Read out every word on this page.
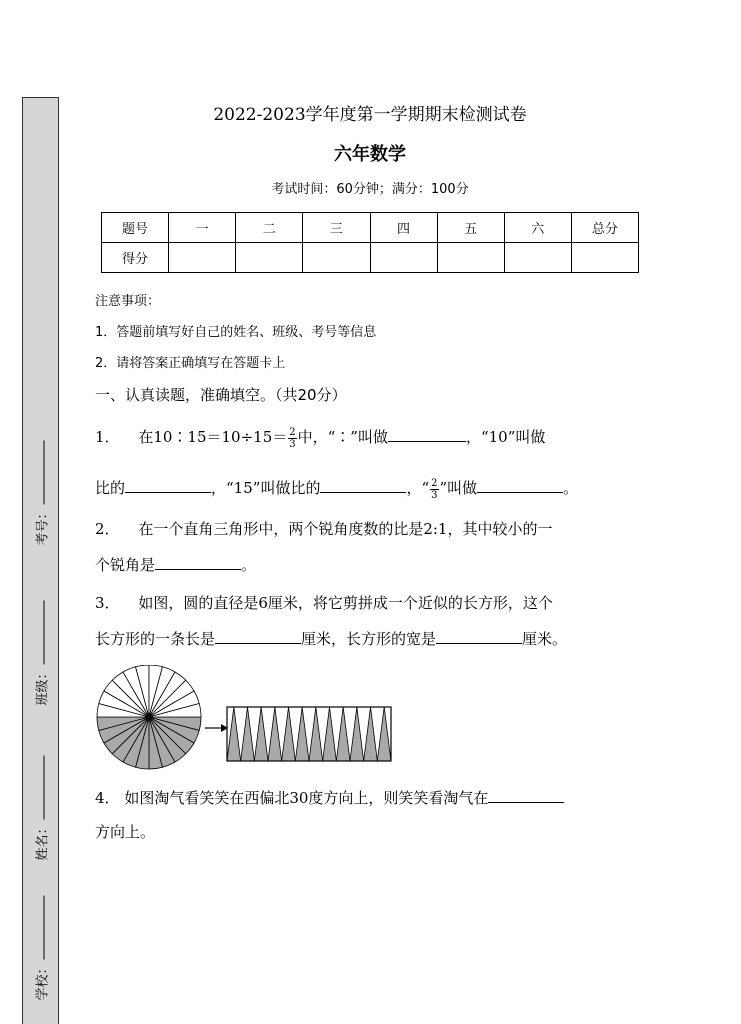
学校：
姓名：
班级：
考号：
2022-2023学年度第一学期期末检测试卷
六年数学
考试时间：60分钟；满分：100分
题号	一	二	三	四	五	六	总分
得分							
注意事项：
1．答题前填写好自己的姓名、班级、考号等信息
2．请将答案正确填写在答题卡上
一、认真读题，准确填空。（共20分）
1． 在10∶15＝10÷15＝ $\frac{2}{3}$ 中，“∶”叫做	，“10”叫做
比的	，“15”叫做比的	，“ $\frac{2}{3}$ ”叫做	。
2． 在一个直角三角形中，两个锐角度数的比是2:1，其中较小的一
个锐角是	。
3． 如图，圆的直径是6厘米，将它剪拼成一个近似的长方形，这个
长方形的一条长是	厘米，长方形的宽是	厘米。
4． 如图淘气看笑笑在西偏北30度方向上，则笑笑看淘气在
方向上。
